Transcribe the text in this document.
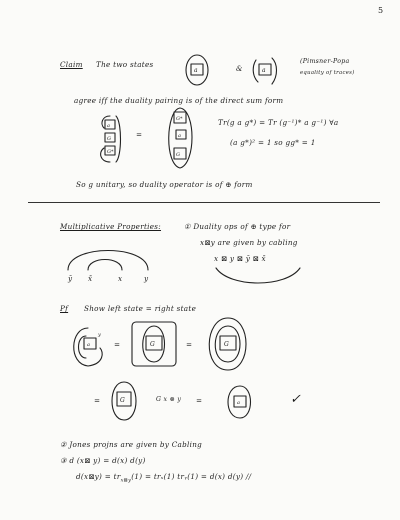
5
Claim The two states
a	&	a
(Pimsner-Popa
equality of traces)
agree iff the duality pairing is of the direct sum form
a
G
G*
=
G*
a
G
Tr(g a g*) = Tr (g⁻¹)* a g⁻¹) ∀a
(a g*)² = 1 so gg* = 1
So g unitary, so duality operator is of ⊕ form
Multiplicative Properties:	① Duality ops of ⊕ type for
x⊠y are given by cabling
ȳ x̄	x	y
x ⊠ y ⊠ ȳ ⊠ x̄
Pf Show left state = right state
a
y
=	G	=	G
G
=	G x ⊗ y =	a	✓
② Jones projns are given by Cabling
③ d (x⊠ y) = d(x) d(y)
d(x⊠y) = $tr_{x⊠y}(1) = tr_x(1)$ trᵧ(1) = d(x) d(y) //
